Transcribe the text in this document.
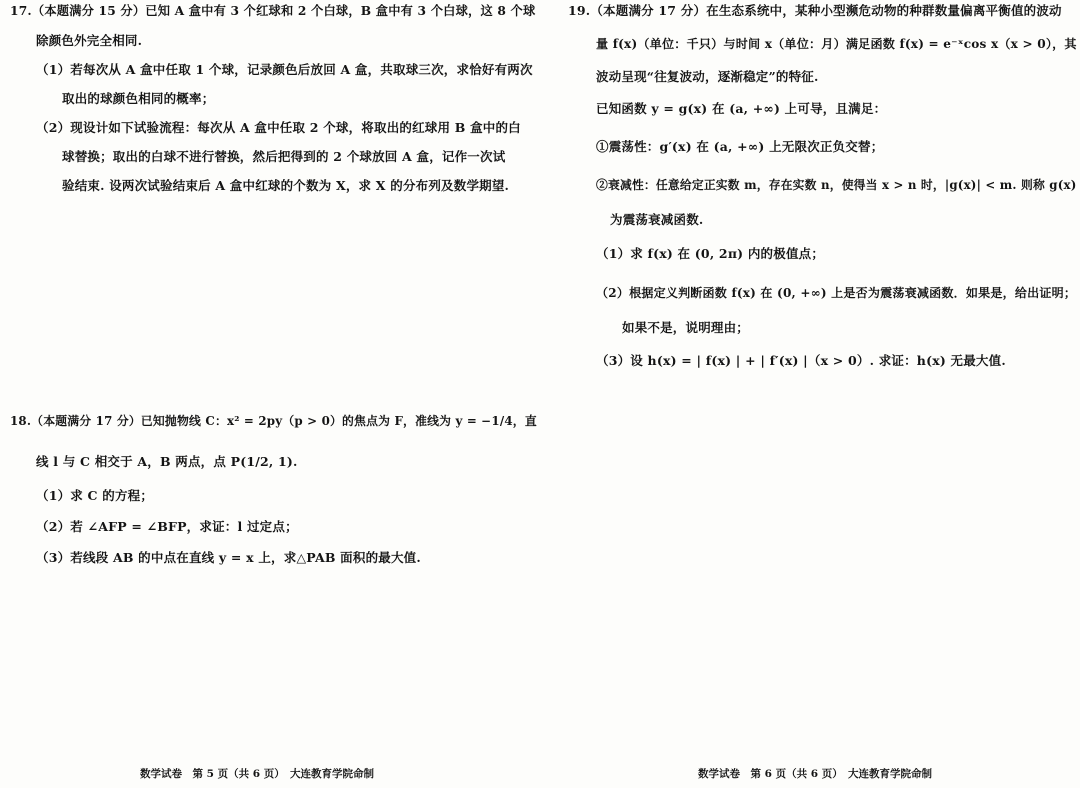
17.（本题满分 15 分）已知 A 盒中有 3 个红球和 2 个白球，B 盒中有 3 个白球，这 8 个球
除颜色外完全相同.
（1）若每次从 A 盒中任取 1 个球，记录颜色后放回 A 盒，共取球三次，求恰好有两次
取出的球颜色相同的概率；
（2）现设计如下试验流程：每次从 A 盒中任取 2 个球，将取出的红球用 B 盒中的白
球替换；取出的白球不进行替换，然后把得到的 2 个球放回 A 盒，记作一次试
验结束. 设两次试验结束后 A 盒中红球的个数为 X，求 X 的分布列及数学期望.
18.（本题满分 17 分）已知抛物线 C：x² = 2py（p > 0）的焦点为 F，准线为 y = −1/4，直
线 l 与 C 相交于 A，B 两点，点 P(1/2, 1).
（1）求 C 的方程；
（2）若 ∠AFP = ∠BFP，求证：l 过定点；
（3）若线段 AB 的中点在直线 y = x 上，求△PAB 面积的最大值.
数学试卷　第 5 页（共 6 页）　大连教育学院命制
19.（本题满分 17 分）在生态系统中，某种小型濒危动物的种群数量偏离平衡值的波动
量 f(x)（单位：千只）与时间 x（单位：月）满足函数 f(x) = e⁻ˣcos x（x > 0），其
波动呈现“往复波动，逐渐稳定”的特征.
已知函数 y = g(x) 在 (a, +∞) 上可导，且满足：
①震荡性：g′(x) 在 (a, +∞) 上无限次正负交替；
②衰减性：任意给定正实数 m，存在实数 n，使得当 x > n 时，|g(x)| < m. 则称 g(x)
为震荡衰减函数.
（1）求 f(x) 在 (0, 2π) 内的极值点；
（2）根据定义判断函数 f(x) 在 (0, +∞) 上是否为震荡衰减函数．如果是，给出证明；
如果不是，说明理由；
（3）设 h(x) = | f(x) | + | f′(x) |（x > 0）. 求证：h(x) 无最大值.
数学试卷　第 6 页（共 6 页）　大连教育学院命制
